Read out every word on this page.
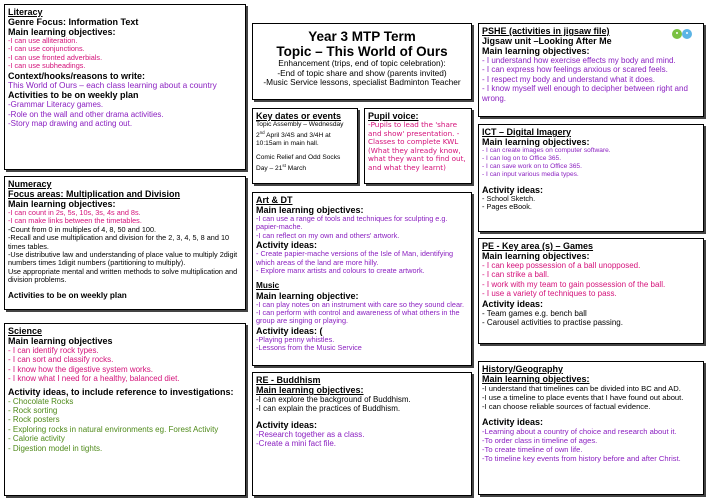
Literacy
Genre Focus: Information Text
Main learning objectives:
-I can use alliteration.
-I can use conjunctions.
-I can use fronted adverbials.
-I can use subheadings.
Context/hooks/reasons to write:
This World of Ours – each class learning about a country
Activities to be on weekly plan
-Grammar Literacy games.
-Role on the wall and other drama activities.
-Story map drawing and acting out.
Numeracy
Focus areas: Multiplication and Division
Main learning objectives:
-I can count in 2s, 5s, 10s, 3s, 4s and 8s.
-I can make links between the timetables.
-Count from 0 in multiples of 4, 8, 50 and 100.
-Recall and use multiplication and division for the 2, 3, 4, 5, 8 and 10 times tables.
-Use distributive law and understanding of place value to multiply 2digit numbers times 1digit numbers (partitioning to multiply).
Use appropriate mental and written methods to solve multiplication and division problems.
Activities to be on weekly plan
Science
Main learning objectives
- I can identify rock types.
- I can sort and classify rocks.
- I know how the digestive system works.
- I know what I need for a healthy, balanced diet.
Activity ideas, to include reference to investigations:
- Chocolate Rocks
- Rock sorting
- Rock posters
- Exploring rocks in natural environments eg. Forest Activity
- Calorie activity
- Digestion model in tights.
Year 3 MTP Term
Topic – This World of Ours
Enhancement (trips, end of topic celebration):
-End of topic share and show (parents invited)
-Music Service lessons, specialist Badminton Teacher
Key dates or events
Topic Assembly – Wednesday
2nd April 3/4S and 3/4H at
10:15am in main hall.
Comic Relief and Odd Socks
Day – 21st March
Pupil voice:
-Pupils to lead the 'share and show' presentation. -Classes to complete KWL (What they already know, what they want to find out, and what they learnt)
Art & DT
Main learning objectives:
-I can use a range of tools and techniques for sculpting e.g. papier-mache.
-I can reflect on my own and others' artwork.
Activity ideas:
- Create papier-mache versions of the Isle of Man, identifying which areas of the land are more hilly.
- Explore manx artists and colours to create artwork.
Music
Main learning objective:
-I can play notes on an instrument with care so they sound clear.
-I can perform with control and awareness of what others in the group are singing or playing.
Activity ideas: (
-Playing penny whistles.
-Lessons from the Music Service
RE - Buddhism
Main learning objectives:
-I can explore the background of Buddhism.
-I can explain the practices of Buddhism.
Activity ideas:
-Research together as a class.
-Create a mini fact file.
PSHE (activities in jigsaw file)
Jigsaw unit –Looking After Me
Main learning objectives:
- I understand how exercise effects my body and mind.
- I can express how feelings anxious or scared feels.
- I respect my body and understand what it does.
- I know myself well enough to decipher between right and wrong.
ICT – Digital Imagery
Main learning objectives:
- I can create images on computer software.
- I can log on to Office 365.
- I can save work on to Office 365.
- I can input various media types.
Activity ideas:
- School Sketch.
- Pages eBook.
PE - Key area (s) – Games
Main learning objectives:
- I can keep possession of a ball unopposed.
- I can strike a ball.
- I work with my team to gain possession of the ball.
- I use a variety of techniques to pass.
Activity ideas:
- Team games e.g. bench ball
- Carousel activities to practise passing.
History/Geography
Main learning objectives:
-I understand that timelines can be divided into BC and AD.
-I use a timeline to place events that I have found out about.
-I can choose reliable sources of factual evidence.
Activity ideas:
-Learning about a country of choice and research about it.
-To order class in timeline of ages.
-To create timeline of own life.
-To timeline key events from history before and after Christ.
